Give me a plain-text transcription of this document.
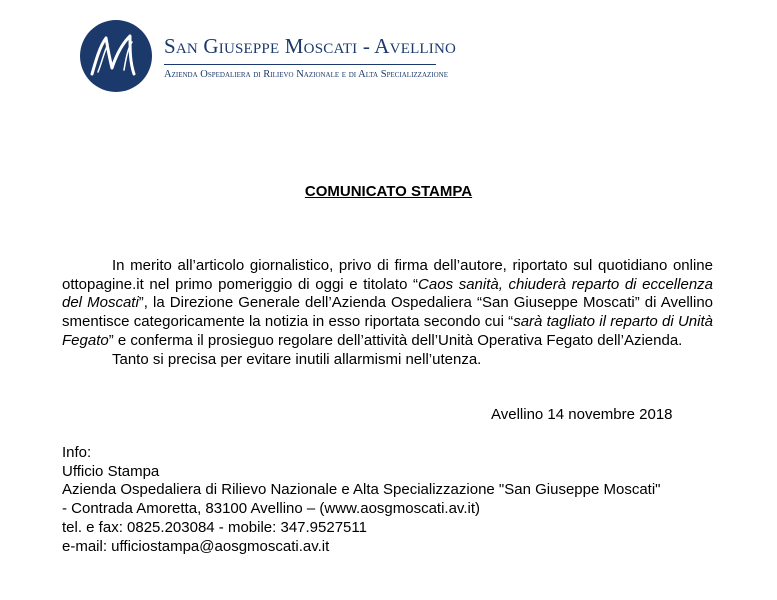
San Giuseppe Moscati - Avellino
Azienda Ospedaliera di Rilievo Nazionale e di Alta Specializzazione
COMUNICATO STAMPA

In merito all’articolo giornalistico, privo di firma dell’autore, riportato sul quotidiano online ottopagine.it nel primo pomeriggio di oggi e titolato “Caos sanità, chiuderà reparto di eccellenza del Moscati”, la Direzione Generale dell’Azienda Ospedaliera “San Giuseppe Moscati” di Avellino smentisce categoricamente la notizia in esso riportata secondo cui “sarà tagliato il reparto di Unità Fegato” e conferma il prosieguo regolare dell’attività dell’Unità Operativa Fegato dell’Azienda.

Tanto si precisa per evitare inutili allarmismi nell’utenza.

Avellino 14 novembre 2018
Info:
Ufficio Stampa
Azienda Ospedaliera di Rilievo Nazionale e Alta Specializzazione "San Giuseppe Moscati"
- Contrada Amoretta, 83100 Avellino – (www.aosgmoscati.av.it)
tel. e fax: 0825.203084 - mobile: 347.9527511
e-mail: ufficiostampa@aosgmoscati.av.it
